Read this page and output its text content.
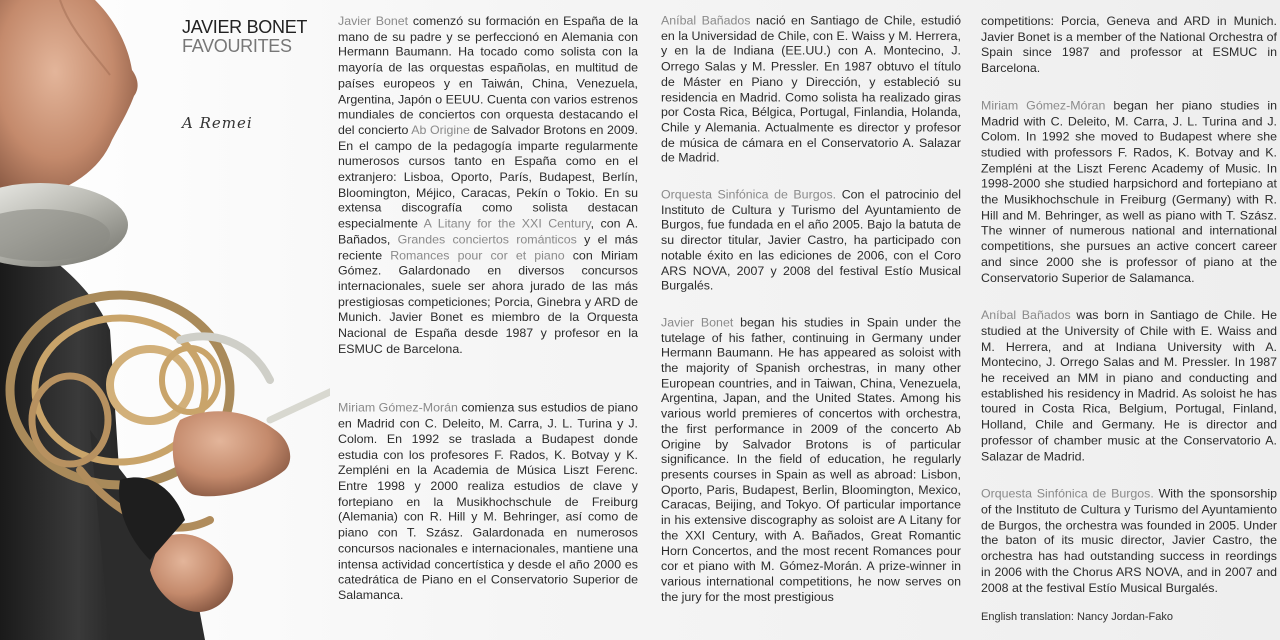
JAVIER BONET
FAVOURITES
A Remei

Javier Bonet comenzó su formación en España de la mano de su padre y se perfeccionó en Alemania con Hermann Baumann. Ha tocado como solista con la mayoría de las orquestas españolas, en multitud de países europeos y en Taiwán, China, Venezuela, Argentina, Japón o EEUU. Cuenta con varios estrenos mundiales de conciertos con orquesta destacando el del concierto Ab Origine de Salvador Brotons en 2009. En el campo de la pedagogía imparte regularmente numerosos cursos tanto en España como en el extranjero: Lisboa, Oporto, París, Budapest, Berlín, Bloomington, Méjico, Caracas, Pekín o Tokio. En su extensa discografía como solista destacan especialmente A Litany for the XXI Century, con A. Bañados, Grandes conciertos románticos y el más reciente Romances pour cor et piano con Miriam Gómez. Galardonado en diversos concursos internacionales, suele ser ahora jurado de las más prestigiosas competiciones; Porcia, Ginebra y ARD de Munich. Javier Bonet es miembro de la Orquesta Nacional de España desde 1987 y profesor en la ESMUC de Barcelona.

Miriam Gómez-Morán comienza sus estudios de piano en Madrid con C. Deleito, M. Carra, J. L. Turina y J. Colom. En 1992 se traslada a Budapest donde estudia con los profesores F. Rados, K. Botvay y K. Zempléni en la Academia de Música Liszt Ferenc. Entre 1998 y 2000 realiza estudios de clave y fortepiano en la Musikhochschule de Freiburg (Alemania) con R. Hill y M. Behringer, así como de piano con T. Szász. Galardonada en numerosos concursos nacionales e internacionales, mantiene una intensa actividad concertística y desde el año 2000 es catedrática de Piano en el Conservatorio Superior de Salamanca.

Aníbal Bañados nació en Santiago de Chile, estudió en la Universidad de Chile, con E. Waiss y M. Herrera, y en la de Indiana (EE.UU.) con A. Montecino, J. Orrego Salas y M. Pressler. En 1987 obtuvo el título de Máster en Piano y Dirección, y estableció su residencia en Madrid. Como solista ha realizado giras por Costa Rica, Bélgica, Portugal, Finlandia, Holanda, Chile y Alemania. Actualmente es director y profesor de música de cámara en el Conservatorio A. Salazar de Madrid.

Orquesta Sinfónica de Burgos. Con el patrocinio del Instituto de Cultura y Turismo del Ayuntamiento de Burgos, fue fundada en el año 2005. Bajo la batuta de su director titular, Javier Castro, ha participado con notable éxito en las ediciones de 2006, con el Coro ARS NOVA, 2007 y 2008 del festival Estío Musical Burgalés.

Javier Bonet began his studies in Spain under the tutelage of his father, continuing in Germany under Hermann Baumann. He has appeared as soloist with the majority of Spanish orchestras, in many other European countries, and in Taiwan, China, Venezuela, Argentina, Japan, and the United States. Among his various world premieres of concertos with orchestra, the first performance in 2009 of the concerto Ab Origine by Salvador Brotons is of particular significance. In the field of education, he regularly presents courses in Spain as well as abroad: Lisbon, Oporto, Paris, Budapest, Berlin, Bloomington, Mexico, Caracas, Beijing, and Tokyo. Of particular importance in his extensive discography as soloist are A Litany for the XXI Century, with A. Bañados, Great Romantic Horn Concertos, and the most recent Romances pour cor et piano with M. Gómez-Morán. A prize-winner in various international competitions, he now serves on the jury for the most prestigious

competitions: Porcia, Geneva and ARD in Munich. Javier Bonet is a member of the National Orchestra of Spain since 1987 and professor at ESMUC in Barcelona.

Miriam Gómez-Móran began her piano studies in Madrid with C. Deleito, M. Carra, J. L. Turina and J. Colom. In 1992 she moved to Budapest where she studied with professors F. Rados, K. Botvay and K. Zempléni at the Liszt Ferenc Academy of Music. In 1998-2000 she studied harpsichord and fortepiano at the Musikhochschule in Freiburg (Germany) with R. Hill and M. Behringer, as well as piano with T. Szász. The winner of numerous national and international competitions, she pursues an active concert career and since 2000 she is professor of piano at the Conservatorio Superior de Salamanca.

Aníbal Bañados was born in Santiago de Chile. He studied at the University of Chile with E. Waiss and M. Herrera, and at Indiana University with A. Montecino, J. Orrego Salas and M. Pressler. In 1987 he received an MM in piano and conducting and established his residency in Madrid. As soloist he has toured in Costa Rica, Belgium, Portugal, Finland, Holland, Chile and Germany. He is director and professor of chamber music at the Conservatorio A. Salazar de Madrid.

Orquesta Sinfónica de Burgos. With the sponsorship of the Instituto de Cultura y Turismo del Ayuntamiento de Burgos, the orchestra was founded in 2005. Under the baton of its music director, Javier Castro, the orchestra has had outstanding success in reordings in 2006 with the Chorus ARS NOVA, and in 2007 and 2008 at the festival Estío Musical Burgalés.

English translation: Nancy Jordan-Fako
